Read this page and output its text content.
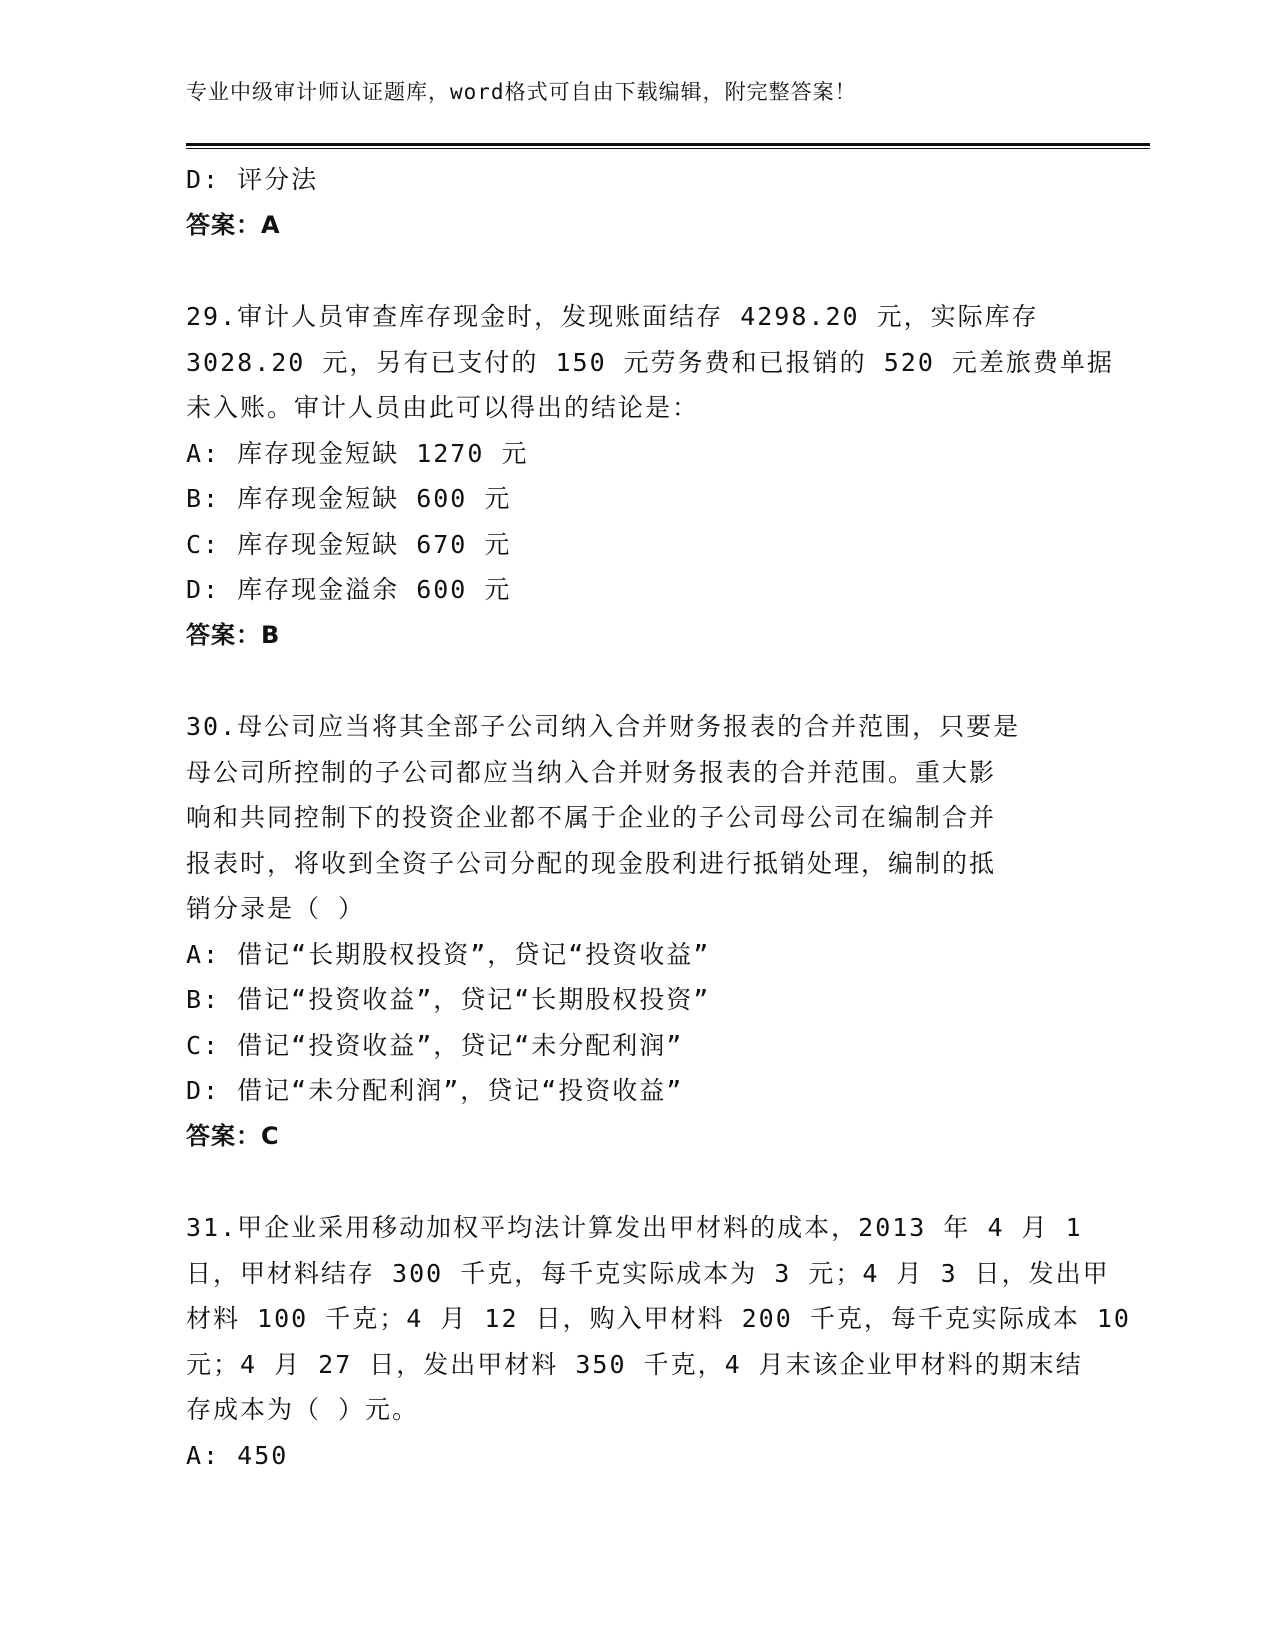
专业中级审计师认证题库，word格式可自由下载编辑，附完整答案！
D: 评分法
答案：A
29.审计人员审查库存现金时，发现账面结存 4298.20 元，实际库存
3028.20 元，另有已支付的 150 元劳务费和已报销的 520 元差旅费单据
未入账。审计人员由此可以得出的结论是：
A: 库存现金短缺 1270 元
B: 库存现金短缺 600 元
C: 库存现金短缺 670 元
D: 库存现金溢余 600 元
答案：B
30.母公司应当将其全部子公司纳入合并财务报表的合并范围，只要是
母公司所控制的子公司都应当纳入合并财务报表的合并范围。重大影
响和共同控制下的投资企业都不属于企业的子公司母公司在编制合并
报表时，将收到全资子公司分配的现金股利进行抵销处理，编制的抵
销分录是（ ）
A: 借记“长期股权投资”，贷记“投资收益”
B: 借记“投资收益”，贷记“长期股权投资”
C: 借记“投资收益”，贷记“未分配利润”
D: 借记“未分配利润”，贷记“投资收益”
答案：C
31.甲企业采用移动加权平均法计算发出甲材料的成本，2013 年 4 月 1
日，甲材料结存 300 千克，每千克实际成本为 3 元；4 月 3 日，发出甲
材料 100 千克；4 月 12 日，购入甲材料 200 千克，每千克实际成本 10
元；4 月 27 日，发出甲材料 350 千克，4 月末该企业甲材料的期末结
存成本为（ ）元。
A: 450
